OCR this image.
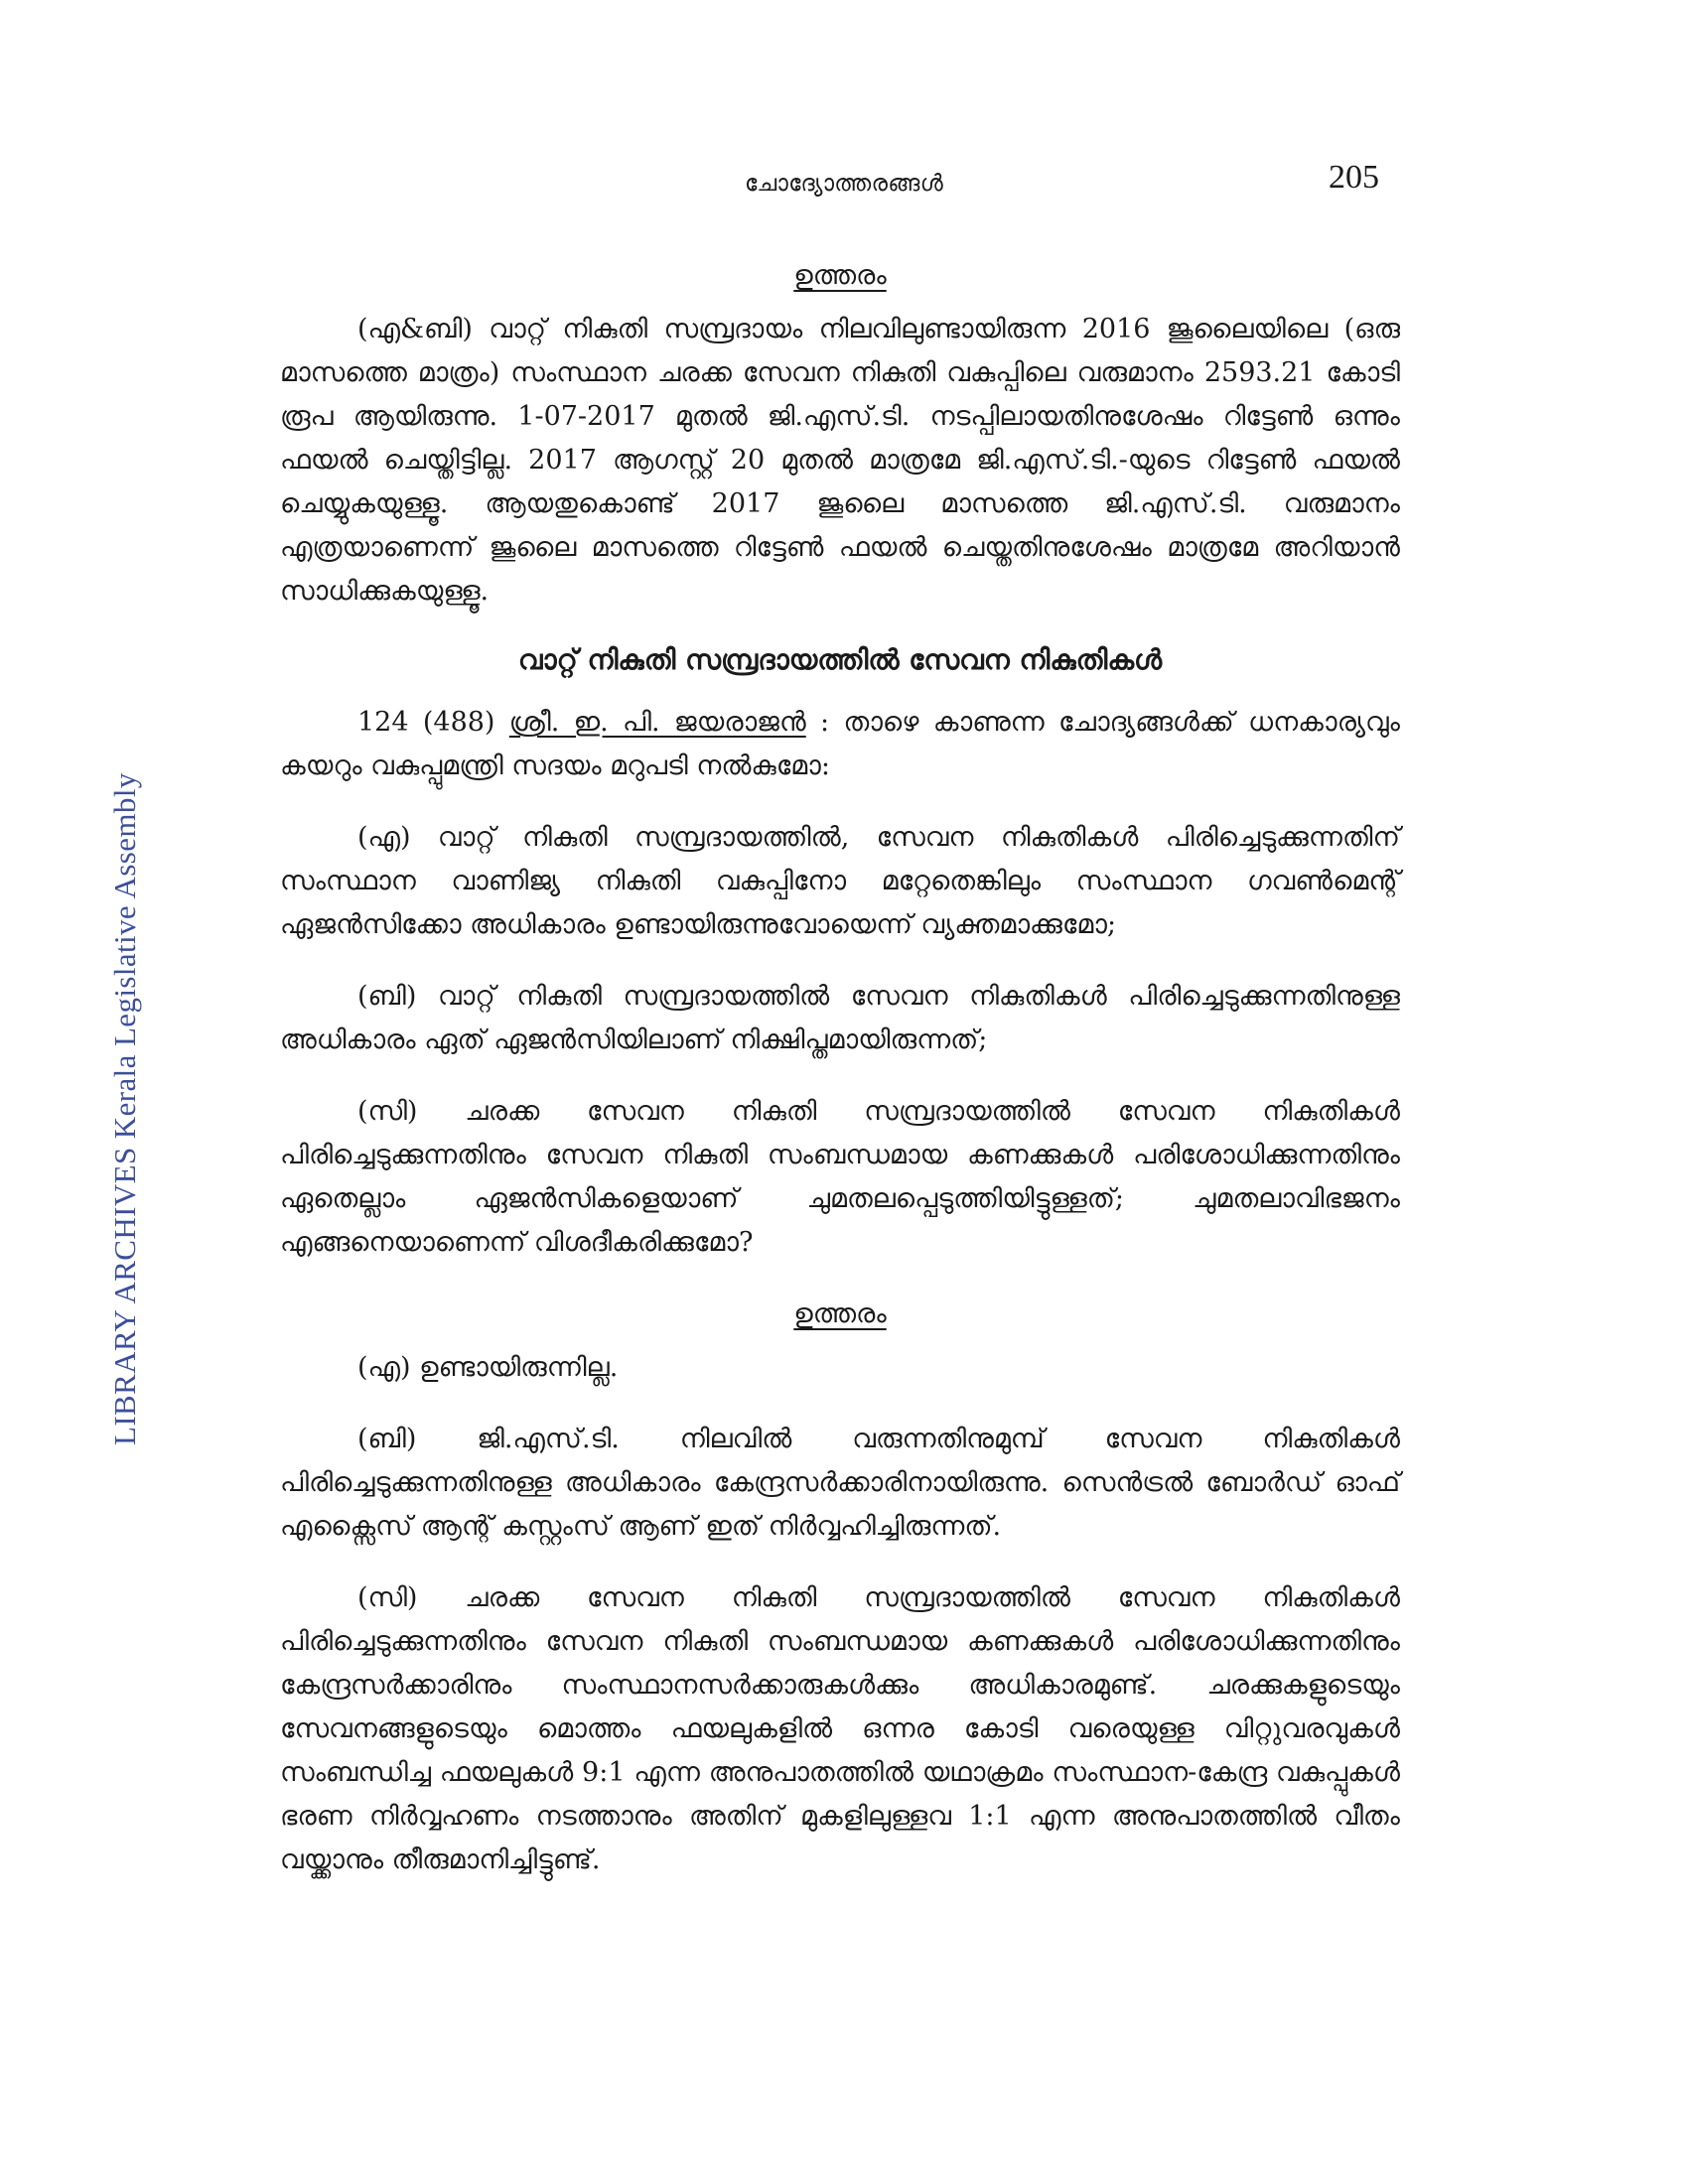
ചോദ്യോത്തരങ്ങൾ	205
LIBRARY ARCHIVES Kerala Legislative Assembly
ഉത്തരം

(എ&ബി) വാറ്റ് നികുതി സമ്പ്രദായം നിലവിലുണ്ടായിരുന്ന 2016 ജൂലൈയിലെ (ഒരു മാസത്തെ മാത്രം) സംസ്ഥാന ചരക്ക സേവന നികുതി വകുപ്പിലെ വരുമാനം 2593.21 കോടി രൂപ ആയിരുന്നു. 1-07-2017 മുതൽ ജി.എസ്.ടി. നടപ്പിലായതിനുശേഷം റിട്ടേൺ ഒന്നും ഫയൽ ചെയ്തിട്ടില്ല. 2017 ആഗസ്റ്റ് 20 മുതൽ മാത്രമേ ജി.എസ്.ടി.-യുടെ റിട്ടേൺ ഫയൽ ചെയ്യുകയുള്ളൂ. ആയതുകൊണ്ട് 2017 ജൂലൈ മാസത്തെ ജി.എസ്.ടി. വരുമാനം എത്രയാണെന്ന് ജൂലൈ മാസത്തെ റിട്ടേൺ ഫയൽ ചെയ്തതിനുശേഷം മാത്രമേ അറിയാൻ സാധിക്കുകയുള്ളൂ.

വാറ്റ് നികുതി സമ്പ്രദായത്തിൽ സേവന നികുതികൾ

124 (488) ശ്രീ. ഇ. പി. ജയരാജൻ : താഴെ കാണുന്ന ചോദ്യങ്ങൾക്ക് ധനകാര്യവും കയറും വകുപ്പുമന്ത്രി സദയം മറുപടി നൽകുമോ:

(എ) വാറ്റ് നികുതി സമ്പ്രദായത്തിൽ, സേവന നികുതികൾ പിരിച്ചെടുക്കുന്നതിന് സംസ്ഥാന വാണിജ്യ നികുതി വകുപ്പിനോ മറ്റേതെങ്കിലും സംസ്ഥാന ഗവൺമെന്റ് ഏജൻസിക്കോ അധികാരം ഉണ്ടായിരുന്നുവോയെന്ന് വ്യക്തമാക്കുമോ;

(ബി) വാറ്റ് നികുതി സമ്പ്രദായത്തിൽ സേവന നികുതികൾ പിരിച്ചെടുക്കുന്നതിനുള്ള അധികാരം ഏത് ഏജൻസിയിലാണ് നിക്ഷിപ്തമായിരുന്നത്;

(സി) ചരക്ക സേവന നികുതി സമ്പ്രദായത്തിൽ സേവന നികുതികൾ പിരിച്ചെടുക്കുന്നതിനും സേവന നികുതി സംബന്ധമായ കണക്കുകൾ പരിശോധിക്കുന്നതിനും ഏതെല്ലാം ഏജൻസികളെയാണ് ചുമതലപ്പെടുത്തിയിട്ടുള്ളത്; ചുമതലാവിഭജനം എങ്ങനെയാണെന്ന് വിശദീകരിക്കുമോ?

ഉത്തരം

(എ) ഉണ്ടായിരുന്നില്ല.

(ബി) ജി.എസ്.ടി. നിലവിൽ വരുന്നതിനുമുമ്പ് സേവന നികുതികൾ പിരിച്ചെടുക്കുന്നതിനുള്ള അധികാരം കേന്ദ്രസർക്കാരിനായിരുന്നു. സെൻട്രൽ ബോർഡ് ഓഫ് എക്സൈസ് ആന്റ് കസ്റ്റംസ് ആണ് ഇത് നിർവ്വഹിച്ചിരുന്നത്.

(സി) ചരക്ക സേവന നികുതി സമ്പ്രദായത്തിൽ സേവന നികുതികൾ പിരിച്ചെടുക്കുന്നതിനും സേവന നികുതി സംബന്ധമായ കണക്കുകൾ പരിശോധിക്കുന്നതിനും കേന്ദ്രസർക്കാരിനും സംസ്ഥാനസർക്കാരുകൾക്കും അധികാരമുണ്ട്. ചരക്കുകളുടെയും സേവനങ്ങളുടെയും മൊത്തം ഫയലുകളിൽ ഒന്നര കോടി വരെയുള്ള വിറ്റുവരവുകൾ സംബന്ധിച്ച ഫയലുകൾ 9:1 എന്ന അനുപാതത്തിൽ യഥാക്രമം സംസ്ഥാന-കേന്ദ്ര വകുപ്പുകൾ ഭരണ നിർവ്വഹണം നടത്താനും അതിന് മുകളിലുള്ളവ 1:1 എന്ന അനുപാതത്തിൽ വീതം വയ്ക്കാനും തീരുമാനിച്ചിട്ടുണ്ട്.
